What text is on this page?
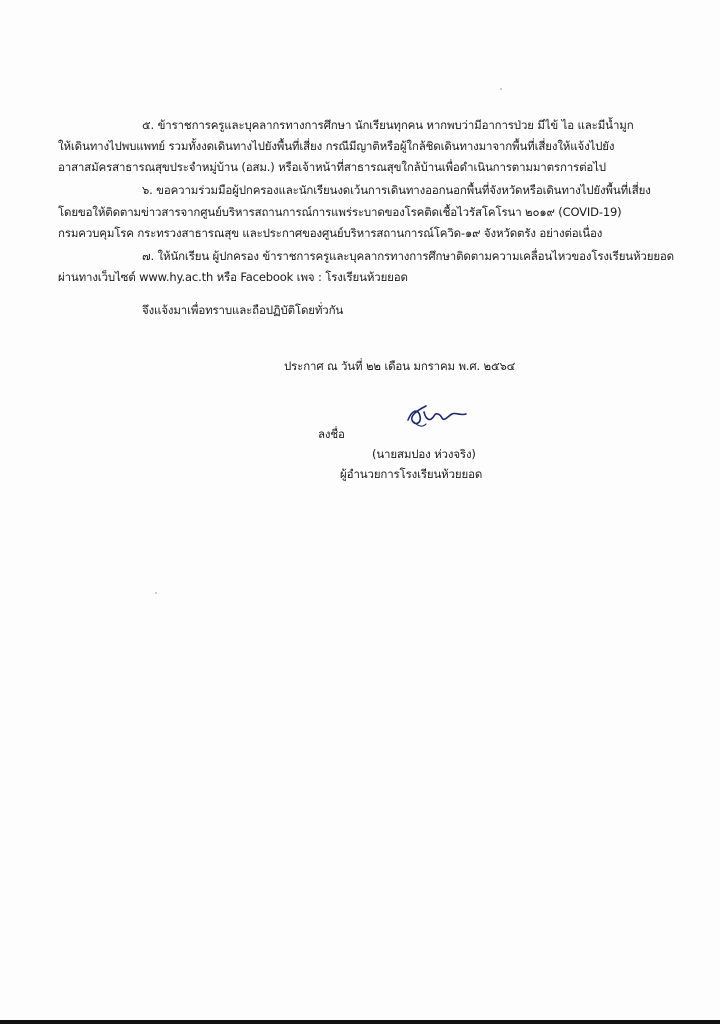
๕. ข้าราชการครูและบุคลากรทางการศึกษา นักเรียนทุกคน หากพบว่ามีอาการป่วย มีไข้ ไอ และมีน้ำมูก
ให้เดินทางไปพบแพทย์ รวมทั้งงดเดินทางไปยังพื้นที่เสี่ยง กรณีมีญาติหรือผู้ใกล้ชิดเดินทางมาจากพื้นที่เสี่ยงให้แจ้งไปยัง
อาสาสมัครสาธารณสุขประจำหมู่บ้าน (อสม.) หรือเจ้าหน้าที่สาธารณสุขใกล้บ้านเพื่อดำเนินการตามมาตรการต่อไป
๖. ขอความร่วมมือผู้ปกครองและนักเรียนงดเว้นการเดินทางออกนอกพื้นที่จังหวัดหรือเดินทางไปยังพื้นที่เสี่ยง
โดยขอให้ติดตามข่าวสารจากศูนย์บริหารสถานการณ์การแพร่ระบาดของโรคติดเชื้อไวรัสโคโรนา ๒๐๑๙ (COVID-19)
กรมควบคุมโรค กระทรวงสาธารณสุข และประกาศของศูนย์บริหารสถานการณ์โควิด-๑๙ จังหวัดตรัง อย่างต่อเนื่อง
๗. ให้นักเรียน ผู้ปกครอง ข้าราชการครูและบุคลากรทางการศึกษาติดตามความเคลื่อนไหวของโรงเรียนห้วยยอด
ผ่านทางเว็บไซต์ www.hy.ac.th หรือ Facebook เพจ : โรงเรียนห้วยยอด
จึงแจ้งมาเพื่อทราบและถือปฏิบัติโดยทั่วกัน
ประกาศ ณ วันที่ ๒๒ เดือน มกราคม พ.ศ. ๒๕๖๔
ลงชื่อ
(นายสมปอง ห่วงจริง)
ผู้อำนวยการโรงเรียนห้วยยอด
